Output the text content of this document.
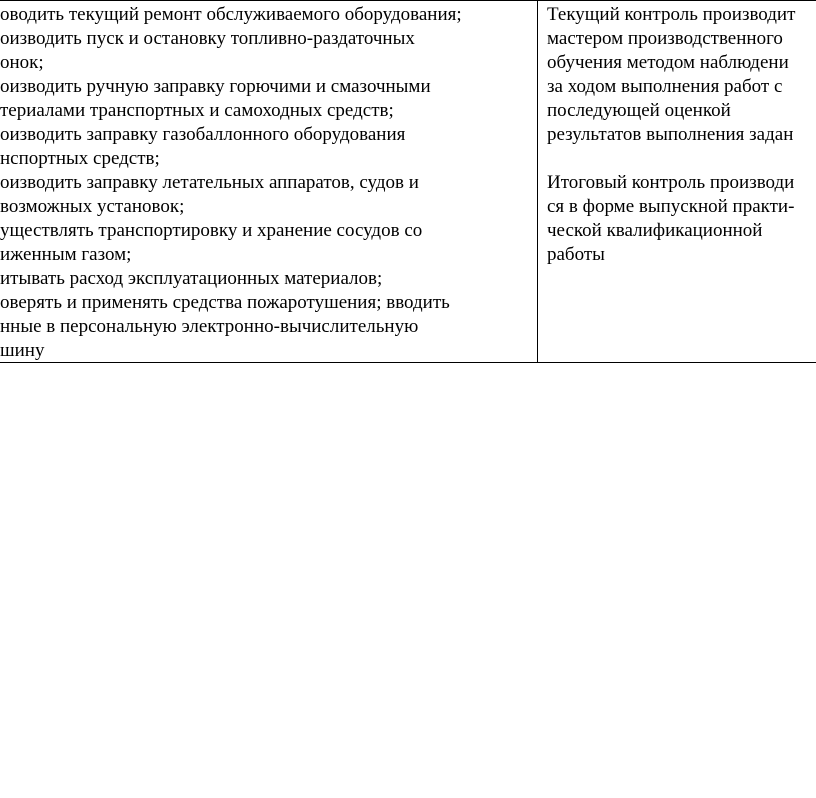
оводить текущий ремонт обслуживаемого оборудования;
оизводить пуск и остановку топливно-раздаточных
онок;
оизводить ручную заправку горючими и смазочными
териалами транспортных и самоходных средств;
оизводить заправку газобаллонного оборудования
нспортных средств;
оизводить заправку летательных аппаратов, судов и
возможных установок;
уществлять транспортировку и хранение сосудов со
иженным газом;
итывать расход эксплуатационных материалов;
оверять и применять средства пожаротушения; вводить
нные в персональную электронно-вычислительную
шину
Текущий контроль производит
мастером производственного
обучения методом наблюдени
за ходом выполнения работ с
последующей оценкой
результатов выполнения задан
Итоговый контроль производи
ся в форме выпускной практи-
ческой квалификационной
работы
